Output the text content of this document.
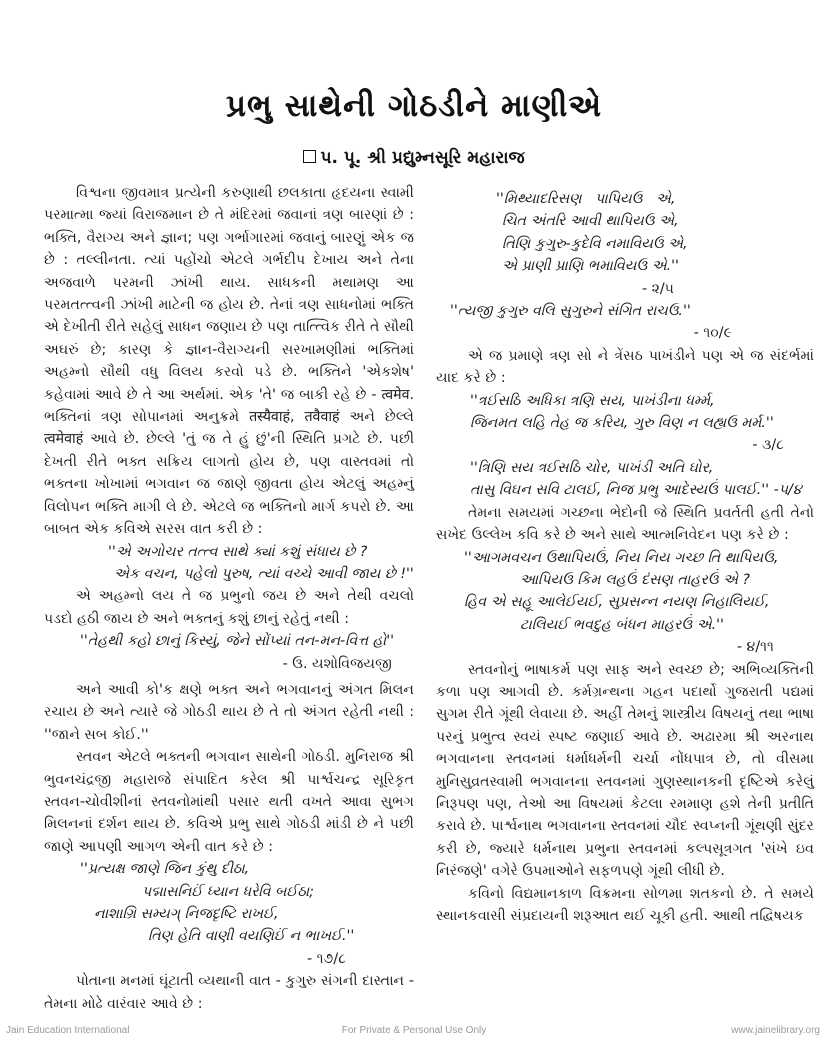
પ્રભુ સાથેની ગોઠડીને માણીએ
પ. પૂ. શ્રી પ્રદ્યુમ્નસૂરિ મહારાજ

વિશ્વના જીવમાત્ર પ્રત્યેની કરુણાથી છલકાતા હૃદયના સ્વામી પરમાત્મા જ્યાં વિરાજમાન છે તે મંદિરમાં જવાનાં ત્રણ બારણાં છે : ભક્તિ, વૈરાગ્ય અને જ્ઞાન; પણ ગર્ભાગારમાં જવાનું બારણું એક જ છે : તલ્લીનતા. ત્યાં પહોંચો એટલે ગર્ભદીપ દેખાય અને તેના અજવાળે પરમની ઝાંખી થાય. સાધકની મથામણ આ પરમતત્ત્વની ઝાંખી માટેની જ હોય છે. તેનાં ત્રણ સાધનોમાં ભક્તિ એ દેખીતી રીતે સહેલું સાધન જણાય છે પણ તાત્ત્વિક રીતે તે સૌથી અઘરું છે; કારણ કે જ્ઞાન-વૈરાગ્યની સરખામણીમાં ભક્તિમાં અહમ્નો સૌથી વધુ વિલય કરવો પડે છે. ભક્તિને 'એકશેષ' કહેવામાં આવે છે તે આ અર્થમાં. એક 'તે' જ બાકી રહે છે - त्वमेव. ભક્તિનાં ત્રણ સોપાનમાં અનુક્રમે तस्यैवाहं, तवैवाहं અને છેલ્લે त्वमेवाहं આવે છે. છેલ્લે 'તું જ તે હું છું'ની સ્થિતિ પ્રગટે છે. પછી દેખતી રીતે ભક્ત સક્રિય લાગતો હોય છે, પણ વાસ્તવમાં તો ભક્તના ખોખામાં ભગવાન જ જાણે જીવતા હોય એટલું અહમ્નું વિલોપન ભક્તિ માગી લે છે. એટલે જ ભક્તિનો માર્ગ કપરો છે. આ બાબત એક કવિએ સરસ વાત કરી છે :

''એ અગોચર તત્ત્વ સાથે ક્યાં કશું સંધાય છે ?

એક વચન, પહેલો પુરુષ, ત્યાં વચ્ચે આવી જાય છે !''

એ અહમ્નો લય તે જ પ્રભુનો જય છે અને તેથી વચલો પડદો હઠી જાય છે અને ભક્તનું કશું છાનું રહેતું નથી :

''તેહથી કહો છાનું કિસ્યું, જેને સોંપ્યાં તન-મન-વિત્ત હો''

- ઉ. યશોવિજયજી

અને આવી કો'ક ક્ષણે ભક્ત અને ભગવાનનું અંગત મિલન રચાય છે અને ત્યારે જે ગોઠડી થાય છે તે તો અંગત રહેતી નથી : ''જાને સબ કોઈ.''

સ્તવન એટલે ભક્તની ભગવાન સાથેની ગોઠડી. મુનિરાજ શ્રી ભુવનચંદ્રજી મહારાજે સંપાદિત કરેલ શ્રી પાર્શ્વચન્દ્ર સૂરિકૃત સ્તવન-ચોવીશીનાં સ્તવનોમાંથી પસાર થતી વખતે આવા સુભગ મિલનનાં દર્શન થાય છે. કવિએ પ્રભુ સાથે ગોઠડી માંડી છે ને પછી જાણે આપણી આગળ એની વાત કરે છે :

''પ્રત્યક્ષ જાણે જિન કુંથુ દીઠા,

પદ્માસનિઈં ધ્યાન ધરેવિ બઈઠા;

નાશાગ્રિ સમ્યગ્ નિજદૃષ્ટિ રાખઈ,

તિણ હેતિ વાણી વયણિઈં ન ભાખઈ.''

- ૧૭/૮

પોતાના મનમાં ઘૂંટાતી વ્યથાની વાત - કુગુરુ સંગની દાસ્તાન - તેમના મોઢે વારંવાર આવે છે :

''મિથ્યાદરિસણ   પાપિયઉ   એ,

ચિત અંતરિ આવી થાપિયઉ એ,

તિણિ કુગુરુ-કુદેવિ નમાવિયઉ એ,

એ પ્રાણી પ્રાણિ ભમાવિયઉ એ.''

- ૨/૫

''ત્યજી કુગુરુ વલિ સુગુરુને સંગિત રાચઉ.''

- ૧૦/૯

એ જ પ્રમાણે ત્રણ સો ને ત્રેંસઠ પાખંડીને પણ એ જ સંદર્ભમાં યાદ કરે છે :

''ત્રઈસઠિ અધિકા ત્રણિ સય, પાખંડીના ધર્મ્મ,

જિનમત લહિ તેહ જ કરિય, ગુરુ વિણ ન લહ્યઉ મર્મ.''

- ૩/૮

''ત્રિણિ સય ત્રઈસઠિ ચોર, પાખંડી અતિ ઘોર,

તાસુ વિઘન સવિ ટાલઈ, નિજ પ્રભુ આદેસ્યઉં પાલઈ.'' -૫/૪

તેમના સમયમાં ગચ્છના ભેદોની જે સ્થિતિ પ્રવર્તતી હતી તેનો સખેદ ઉલ્લેખ કવિ કરે છે અને સાથે આત્મનિવેદન પણ કરે છે :

''આગમવચન ઉથાપિયઉં, નિય નિય ગચ્છ તિ થાપિયઉ,

આપિયઉ કિમ લહઉં દંસણ તાહરઉં એ ?

હિવ એ સહૂ આલેઈયઈ, સુપ્રસન્ન નયણ નિહાલિયઈ,

ટાલિયઈ ભવદુહ બંધન માહરઉં એ.''

- ૪/૧૧

સ્તવનોનું ભાષાકર્મ પણ સાફ અને સ્વચ્છ છે; અભિવ્યક્તિની કળા પણ આગવી છે. કર્મગ્રન્થના ગહન પદાર્થો ગુજરાતી પદ્યમાં સુગમ રીતે ગૂંથી લેવાયા છે. અહીં તેમનું શાસ્ત્રીય વિષયનું તથા ભાષા પરનું પ્રભુત્વ સ્વયં સ્પષ્ટ જણાઈ આવે છે. અઢારમા શ્રી અરનાથ ભગવાનના સ્તવનમાં ધર્માધર્મની ચર્ચા નોંધપાત્ર છે, તો વીસમા મુનિસુવ્રતસ્વામી ભગવાનના સ્તવનમાં ગુણસ્થાનકની દૃષ્ટિએ કરેલું નિરૂપણ પણ, તેઓ આ વિષયમાં કેટલા રમમાણ હશે તેની પ્રતીતિ કરાવે છે. પાર્શ્વનાથ ભગવાનના સ્તવનમાં ચૌદ સ્વપ્નની ગૂંથણી સુંદર કરી છે, જ્યારે ધર્મનાથ પ્રભુના સ્તવનમાં કલ્પસૂત્રગત 'સંખે ઇવ નિરંજણે' વગેરે ઉપમાઓને સફળપણે ગૂંથી લીધી છે.

કવિનો વિદ્યમાનકાળ વિક્રમના સોળમા શતકનો છે. તે સમયે સ્થાનકવાસી સંપ્રદાયની શરૂઆત થઈ ચૂકી હતી. આથી તદ્વિષયક

Jain Education International	For Private & Personal Use Only	www.jainelibrary.org
